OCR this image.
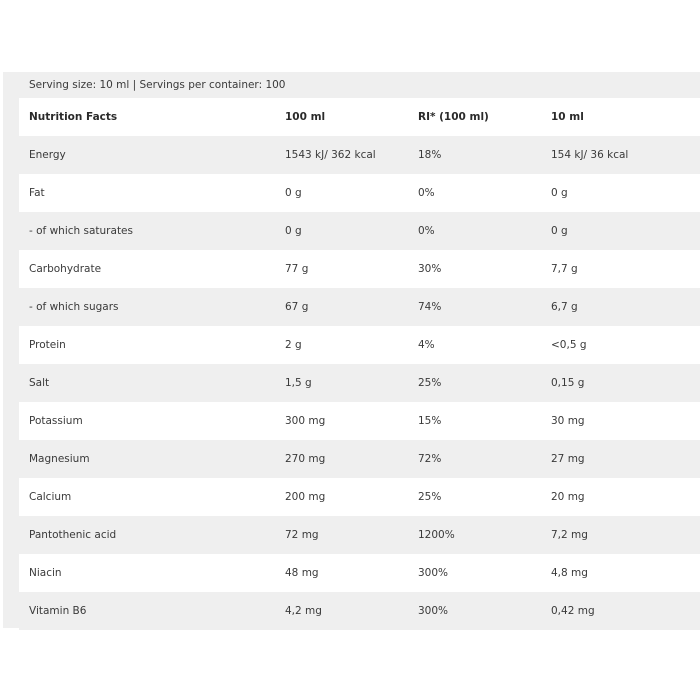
Serving size: 10 ml | Servings per container: 100
Nutrition Facts	100 ml	RI* (100 ml)	10 ml
Energy	1543 kJ/ 362 kcal	18%	154 kJ/ 36 kcal
Fat	0 g	0%	0 g
- of which saturates	0 g	0%	0 g
Carbohydrate	77 g	30%	7,7 g
- of which sugars	67 g	74%	6,7 g
Protein	2 g	4%	<0,5 g
Salt	1,5 g	25%	0,15 g
Potassium	300 mg	15%	30 mg
Magnesium	270 mg	72%	27 mg
Calcium	200 mg	25%	20 mg
Pantothenic acid	72 mg	1200%	7,2 mg
Niacin	48 mg	300%	4,8 mg
Vitamin B6	4,2 mg	300%	0,42 mg
